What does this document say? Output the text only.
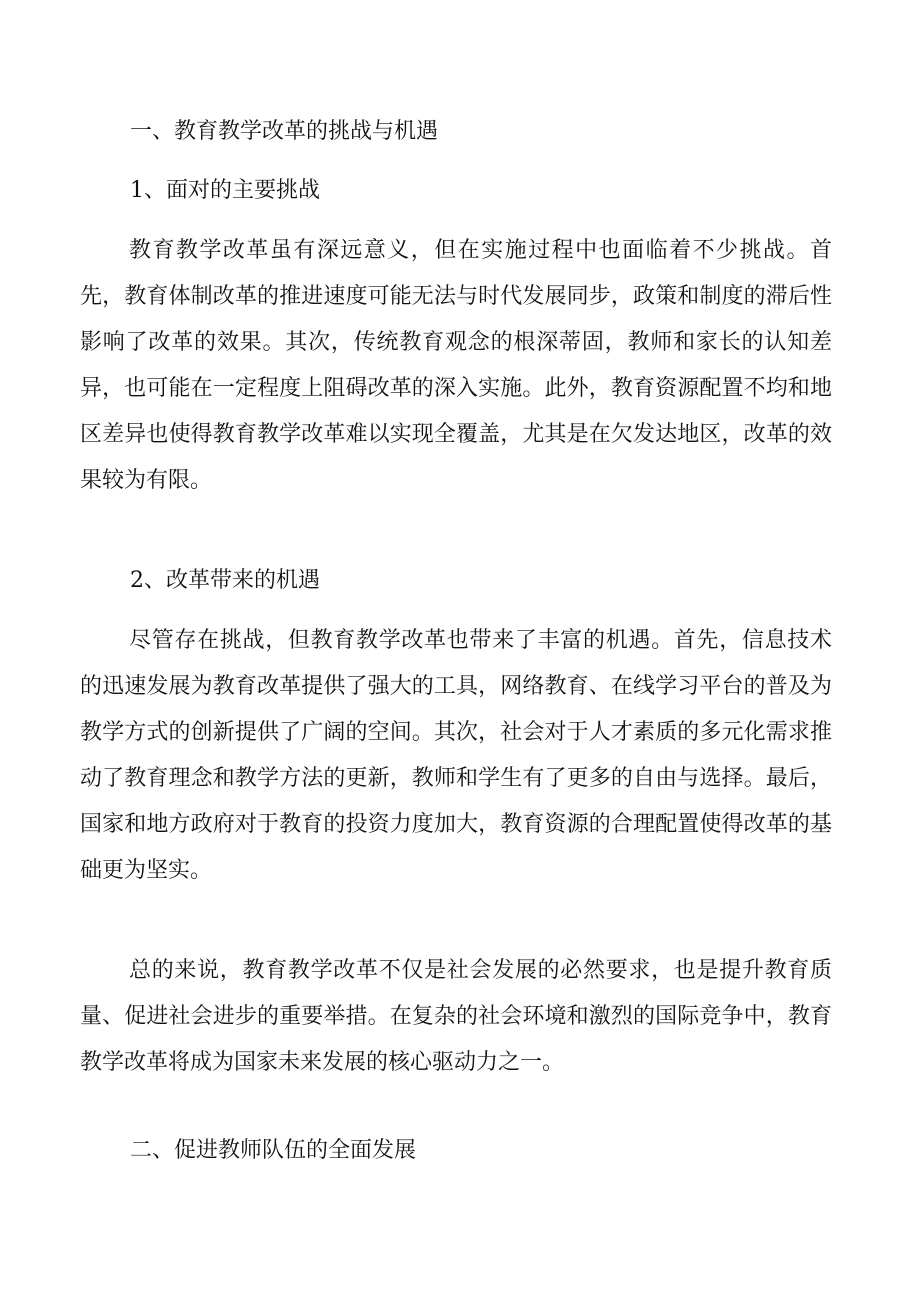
一、教育教学改革的挑战与机遇
1、面对的主要挑战

教育教学改革虽有深远意义，但在实施过程中也面临着不少挑战。首先，教育体制改革的推进速度可能无法与时代发展同步，政策和制度的滞后性影响了改革的效果。其次，传统教育观念的根深蒂固，教师和家长的认知差异，也可能在一定程度上阻碍改革的深入实施。此外，教育资源配置不均和地区差异也使得教育教学改革难以实现全覆盖，尤其是在欠发达地区，改革的效果较为有限。

2、改革带来的机遇

尽管存在挑战，但教育教学改革也带来了丰富的机遇。首先，信息技术的迅速发展为教育改革提供了强大的工具，网络教育、在线学习平台的普及为教学方式的创新提供了广阔的空间。其次，社会对于人才素质的多元化需求推动了教育理念和教学方法的更新，教师和学生有了更多的自由与选择。最后，国家和地方政府对于教育的投资力度加大，教育资源的合理配置使得改革的基础更为坚实。

总的来说，教育教学改革不仅是社会发展的必然要求，也是提升教育质量、促进社会进步的重要举措。在复杂的社会环境和激烈的国际竞争中，教育教学改革将成为国家未来发展的核心驱动力之一。

二、促进教师队伍的全面发展
